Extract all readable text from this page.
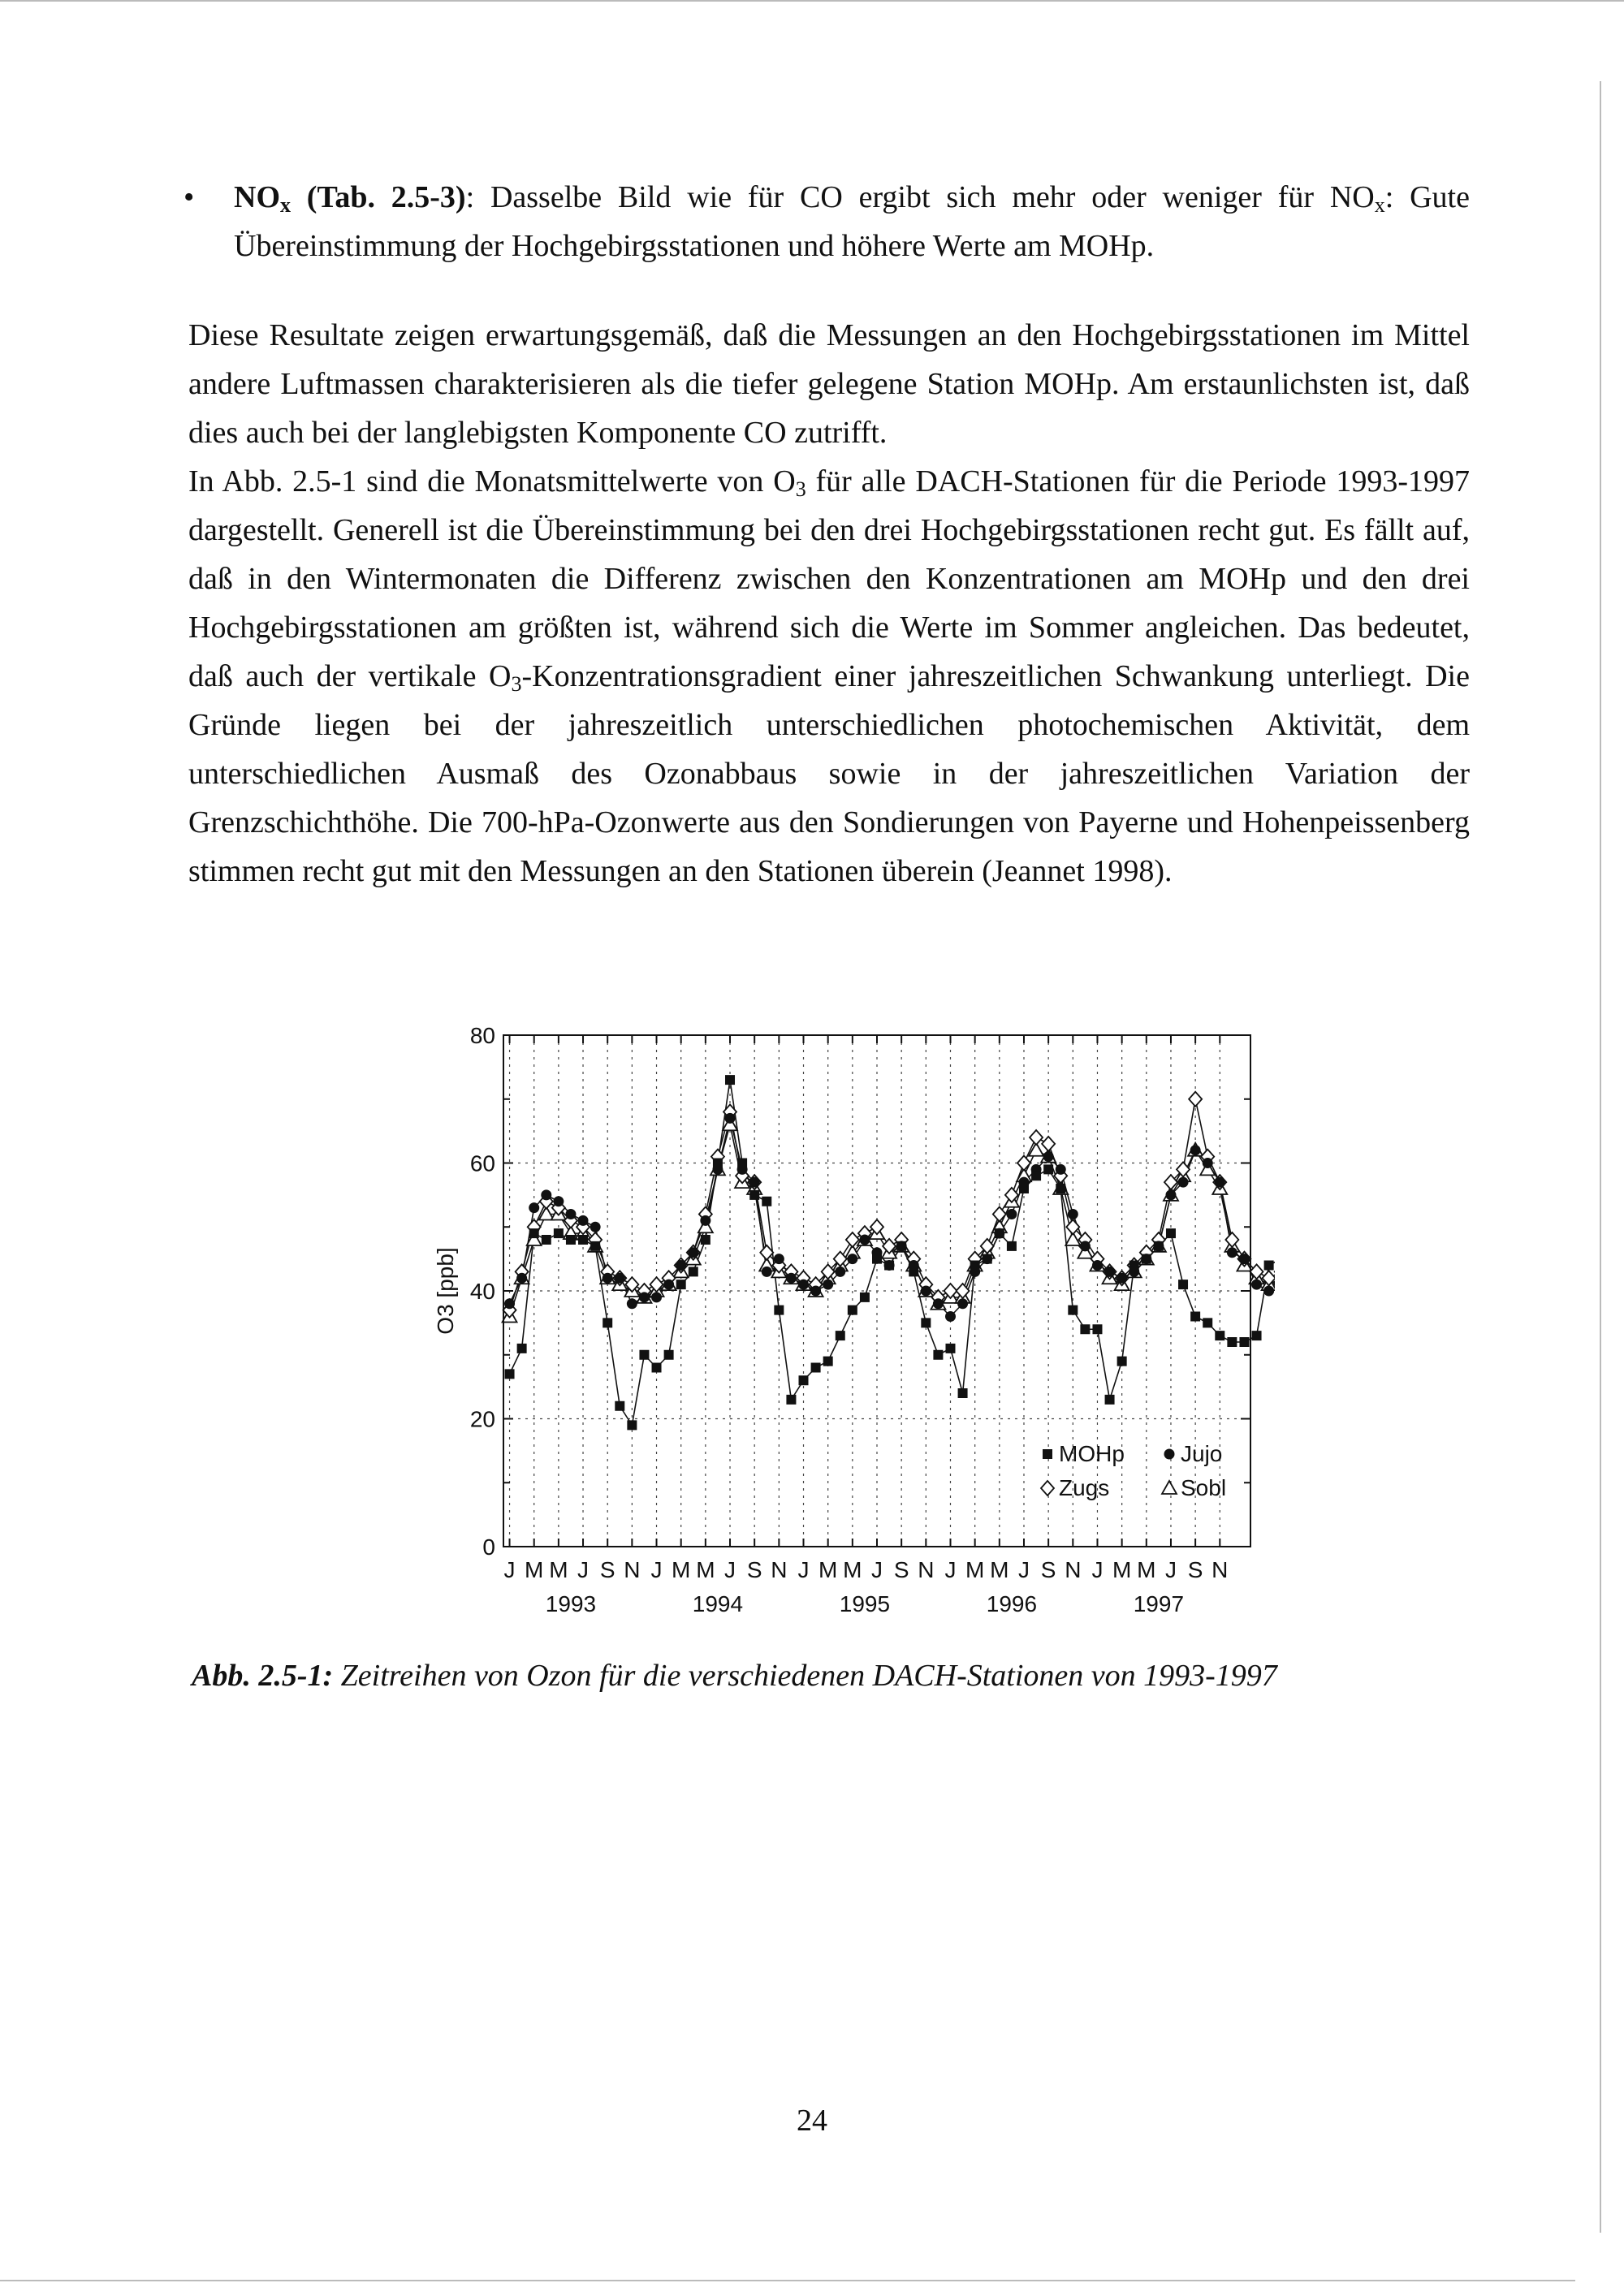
• $NO_x$ (Tab. 2.5-3): Dasselbe Bild wie für CO ergibt sich mehr oder weniger für $NO_x$: Gute Übereinstimmung der Hochgebirgsstationen und höhere Werte am MOHp.

Diese Resultate zeigen erwartungsgemäß, daß die Messungen an den Hochgebirgsstationen im Mittel andere Luftmassen charakterisieren als die tiefer gelegene Station MOHp. Am erstaunlichsten ist, daß dies auch bei der langlebigsten Komponente CO zutrifft.

In Abb. 2.5-1 sind die Monatsmittelwerte von $O_3$ für alle DACH-Stationen für die Periode 1993-1997 dargestellt. Generell ist die Übereinstimmung bei den drei Hochgebirgsstationen recht gut. Es fällt auf, daß in den Wintermonaten die Differenz zwischen den Konzentrationen am MOHp und den drei Hochgebirgsstationen am größten ist, während sich die Werte im Sommer angleichen. Das bedeutet, daß auch der vertikale $O_3$-Konzentrationsgradient einer jahreszeitlichen Schwankung unterliegt. Die Gründe liegen bei der jahreszeitlich unterschiedlichen photochemischen Aktivität, dem unterschiedlichen Ausmaß des Ozonabbaus sowie in der jahreszeitlichen Variation der Grenzschichthöhe. Die 700-hPa-Ozonwerte aus den Sondierungen von Payerne und Hohenpeissenberg stimmen recht gut mit den Messungen an den Stationen überein (Jeannet 1998).

0
20
40
60
80
J M M J S N
1993
J M M J S N
1994
J M M J S N
1995
J M M J S N
1996
J M M J S N
1997
O3 [ppb]
MOHp Jujo
Zugs	Sobl
Abb. 2.5-1: Zeitreihen von Ozon für die verschiedenen DACH-Stationen von 1993-1997
24
